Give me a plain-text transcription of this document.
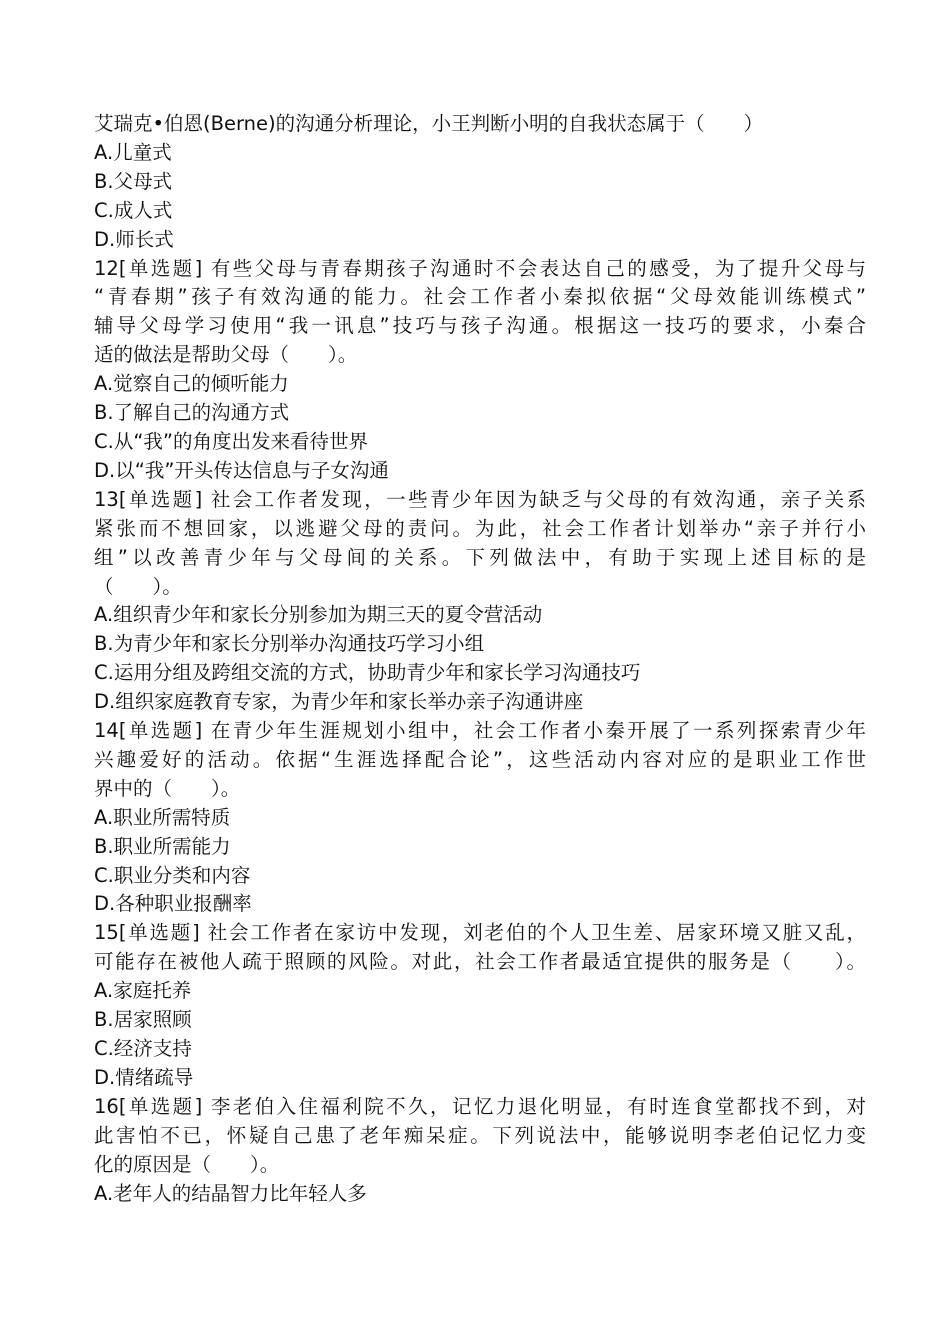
艾瑞克•伯恩(Berne)的沟通分析理论，小王判断小明的自我状态属于（　　）
A.儿童式
B.父母式
C.成人式
D.师长式
12[单选题] 有些父母与青春期孩子沟通时不会表达自己的感受，为了提升父母与
“青春期”孩子有效沟通的能力。社会工作者小秦拟依据“父母效能训练模式”
辅导父母学习使用“我一讯息”技巧与孩子沟通。根据这一技巧的要求，小秦合
适的做法是帮助父母（　　）。
A.觉察自己的倾听能力
B.了解自己的沟通方式
C.从“我”的角度出发来看待世界
D.以“我”开头传达信息与子女沟通
13[单选题] 社会工作者发现，一些青少年因为缺乏与父母的有效沟通，亲子关系
紧张而不想回家，以逃避父母的责问。为此，社会工作者计划举办“亲子并行小
组”以改善青少年与父母间的关系。下列做法中，有助于实现上述目标的是
（　　）。
A.组织青少年和家长分别参加为期三天的夏令营活动
B.为青少年和家长分别举办沟通技巧学习小组
C.运用分组及跨组交流的方式，协助青少年和家长学习沟通技巧
D.组织家庭教育专家，为青少年和家长举办亲子沟通讲座
14[单选题] 在青少年生涯规划小组中，社会工作者小秦开展了一系列探索青少年
兴趣爱好的活动。依据“生涯选择配合论”，这些活动内容对应的是职业工作世
界中的（　　）。
A.职业所需特质
B.职业所需能力
C.职业分类和内容
D.各种职业报酬率
15[单选题] 社会工作者在家访中发现，刘老伯的个人卫生差、居家环境又脏又乱，
可能存在被他人疏于照顾的风险。对此，社会工作者最适宜提供的服务是（　　）。
A.家庭托养
B.居家照顾
C.经济支持
D.情绪疏导
16[单选题] 李老伯入住福利院不久，记忆力退化明显，有时连食堂都找不到，对
此害怕不已，怀疑自己患了老年痴呆症。下列说法中，能够说明李老伯记忆力变
化的原因是（　　）。
A.老年人的结晶智力比年轻人多
